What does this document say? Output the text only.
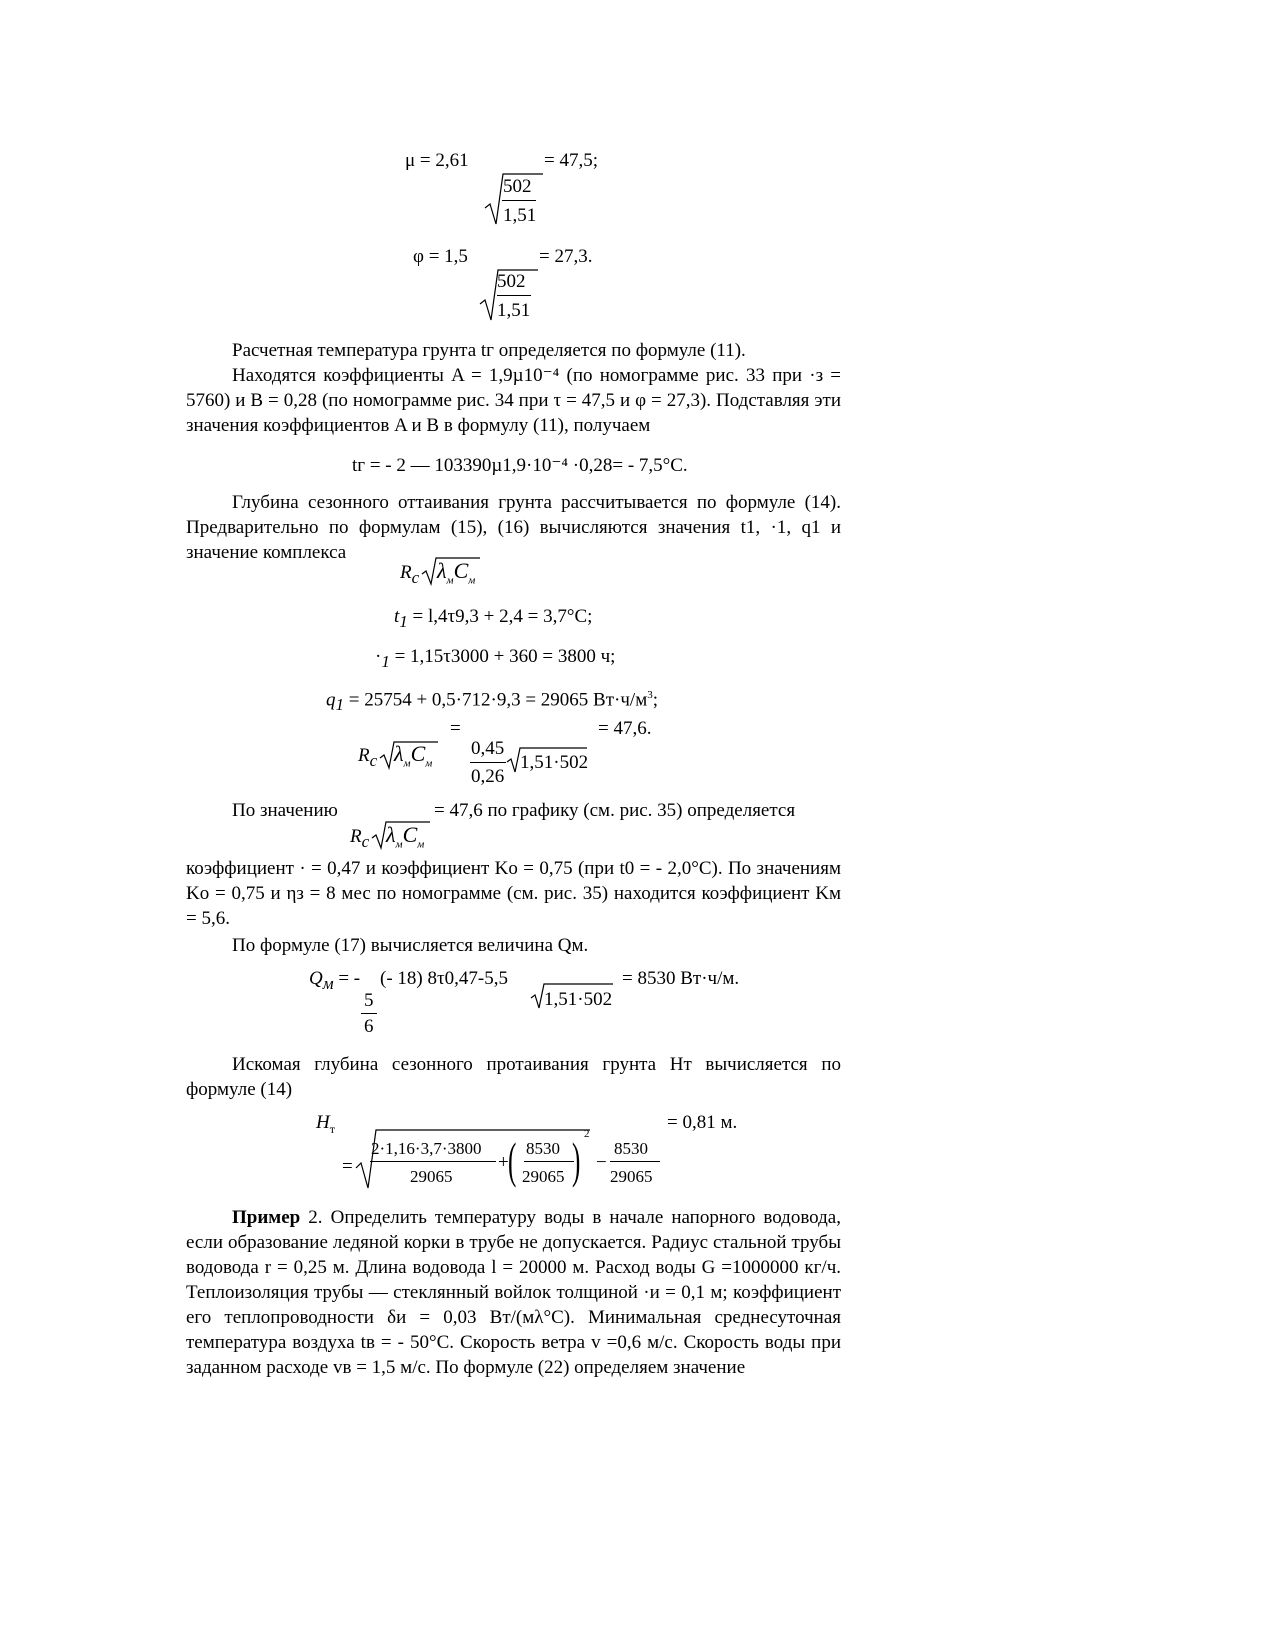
μ = 2,61	= 47,5;
502
1,51
φ = 1,5	= 27,3.
502
1,51
Расчетная температура грунта tг определяется по формуле (11).
Находятся коэффициенты A = 1,9µ10⁻⁴ (по номограмме рис. 33 при ·з = 5760) и B = 0,28 (по номограмме рис. 34 при τ = 47,5 и φ = 27,3). Подставляя эти значения коэффициентов A и B в формулу (11), получаем
tг = - 2 — 103390µ1,9·10⁻⁴ ·0,28= - 7,5°C.
Глубина сезонного оттаивания грунта рассчитывается по формуле (14). Предварительно по формулам (15), (16) вычисляются значения t1, ·1, q1 и значение комплекса
$R_c$ $\lambda_мC_м$
$t_1 = l,4\tau 9,3 + 2,4 = 3,7^\circ C$;
$\cdot_1 = 1,15\tau 3000 + 360 = 3800$ ч;
$q_1 = 25754 + 0,5\cdot 712\cdot 9,3 = 29065$ $Вт\cdot ч/м^3$;
$R_c$ $\lambda_мC_м$
=
0,45
0,26
1,51·502
= 47,6.
По значению	= 47,6 по графику (см. рис. 35) определяется
$R_c$ $\lambda_мC_м$
коэффициент · = 0,47 и коэффициент Kо = 0,75 (при t0 = - 2,0°C). По значениям Kо = 0,75 и ηз = 8 мес по номограмме (см. рис. 35) находится коэффициент Kм = 5,6.
По формуле (17) вычисляется величина Qм.
$Q_м$ = - (- 18) 8τ0,47-5,5
5
6
1,51·502
= 8530 Вт·ч/м.
Искомая глубина сезонного протаивания грунта Hт вычисляется по формуле (14)
$H_т$
=
2·1,16·3,7·3800
29065
+ ( 8530
29065 ) 2
−
8530
29065
= 0,81 м.
Пример 2. Определить температуру воды в начале напорного водовода, если образование ледяной корки в трубе не допускается. Радиус стальной трубы водовода r = 0,25 м. Длина водовода l = 20000 м. Расход воды G =1000000 кг/ч. Теплоизоляция трубы — стеклянный войлок толщиной ·и = 0,1 м; коэффициент его теплопроводности δи = 0,03 Вт/(мλ°C). Минимальная среднесуточная температура воздуха tв = - 50°C. Скорость ветра v =0,6 м/с. Скорость воды при заданном расходе vв = 1,5 м/с. По формуле (22) определяем значение
